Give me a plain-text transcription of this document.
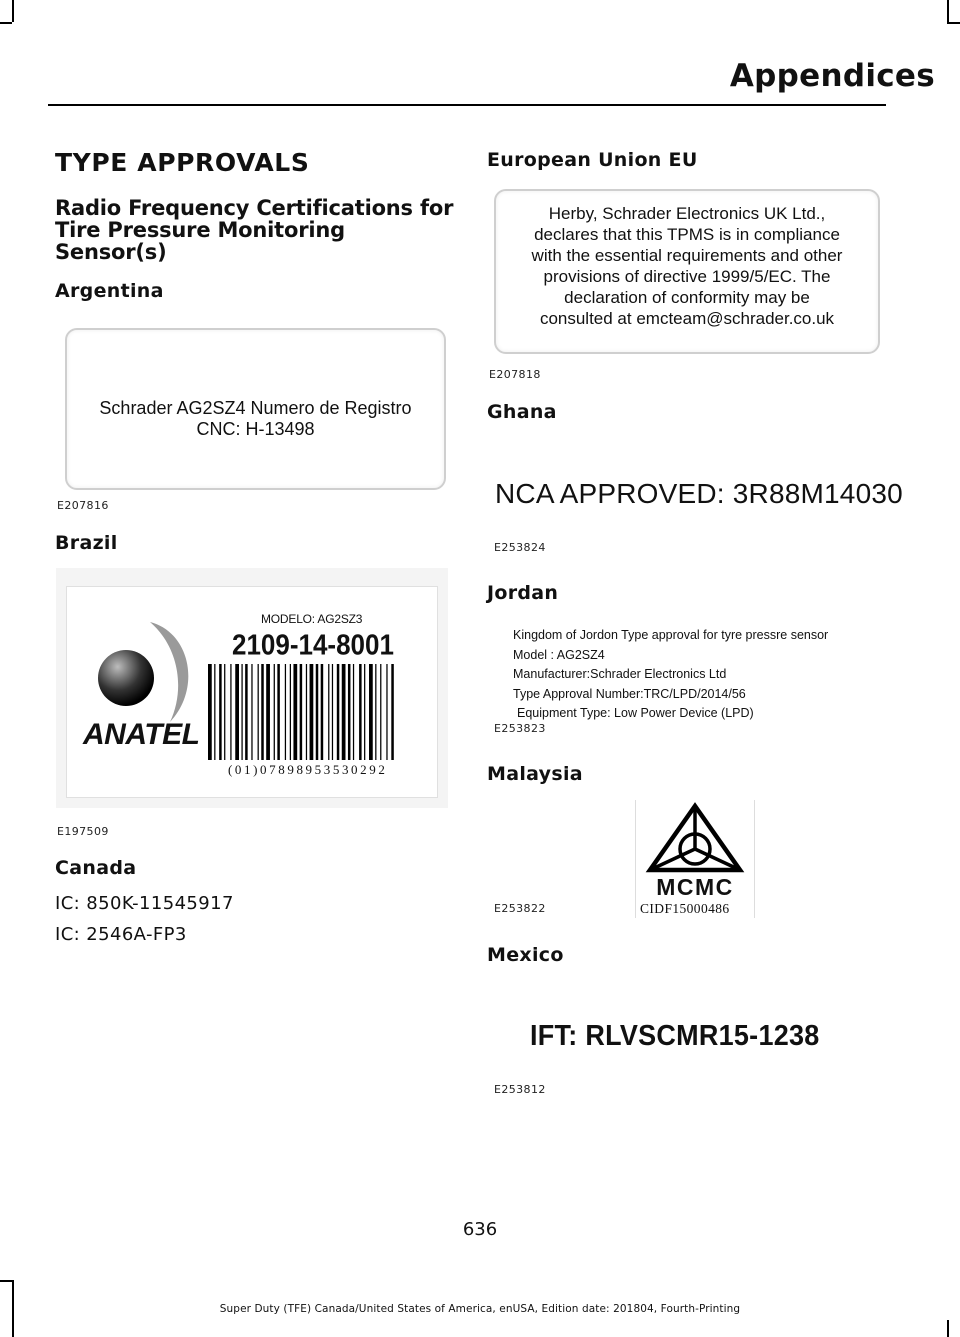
Appendices
TYPE APPROVALS
Radio Frequency Certifications for Tire Pressure Monitoring Sensor(s)
Argentina
Schrader AG2SZ4 Numero de Registro
CNC: H-13498
E207816
Brazil
ANATEL
MODELO: AG2SZ3
2109-14-8001
(01)07898953530292
E197509
Canada
IC: 850K-11545917
IC: 2546A-FP3
European Union EU
Herby, Schrader Electronics UK Ltd.,
declares that this TPMS is in compliance
with the essential requirements and other
provisions of directive 1999/5/EC. The
declaration of conformity may be
consulted at emcteam@schrader.co.uk
E207818
Ghana
NCA APPROVED: 3R88M14030
E253824
Jordan
Kingdom of Jordon Type approval for tyre pressre sensor
Model : AG2SZ4
Manufacturer:Schrader Electronics Ltd
Type Approval Number:TRC/LPD/2014/56
Equipment Type: Low Power Device (LPD)
E253823
Malaysia
MCMC
CIDF15000486
E253822
Mexico
IFT: RLVSCMR15-1238
E253812
636
Super Duty (TFE) Canada/United States of America, enUSA, Edition date: 201804, Fourth-Printing
